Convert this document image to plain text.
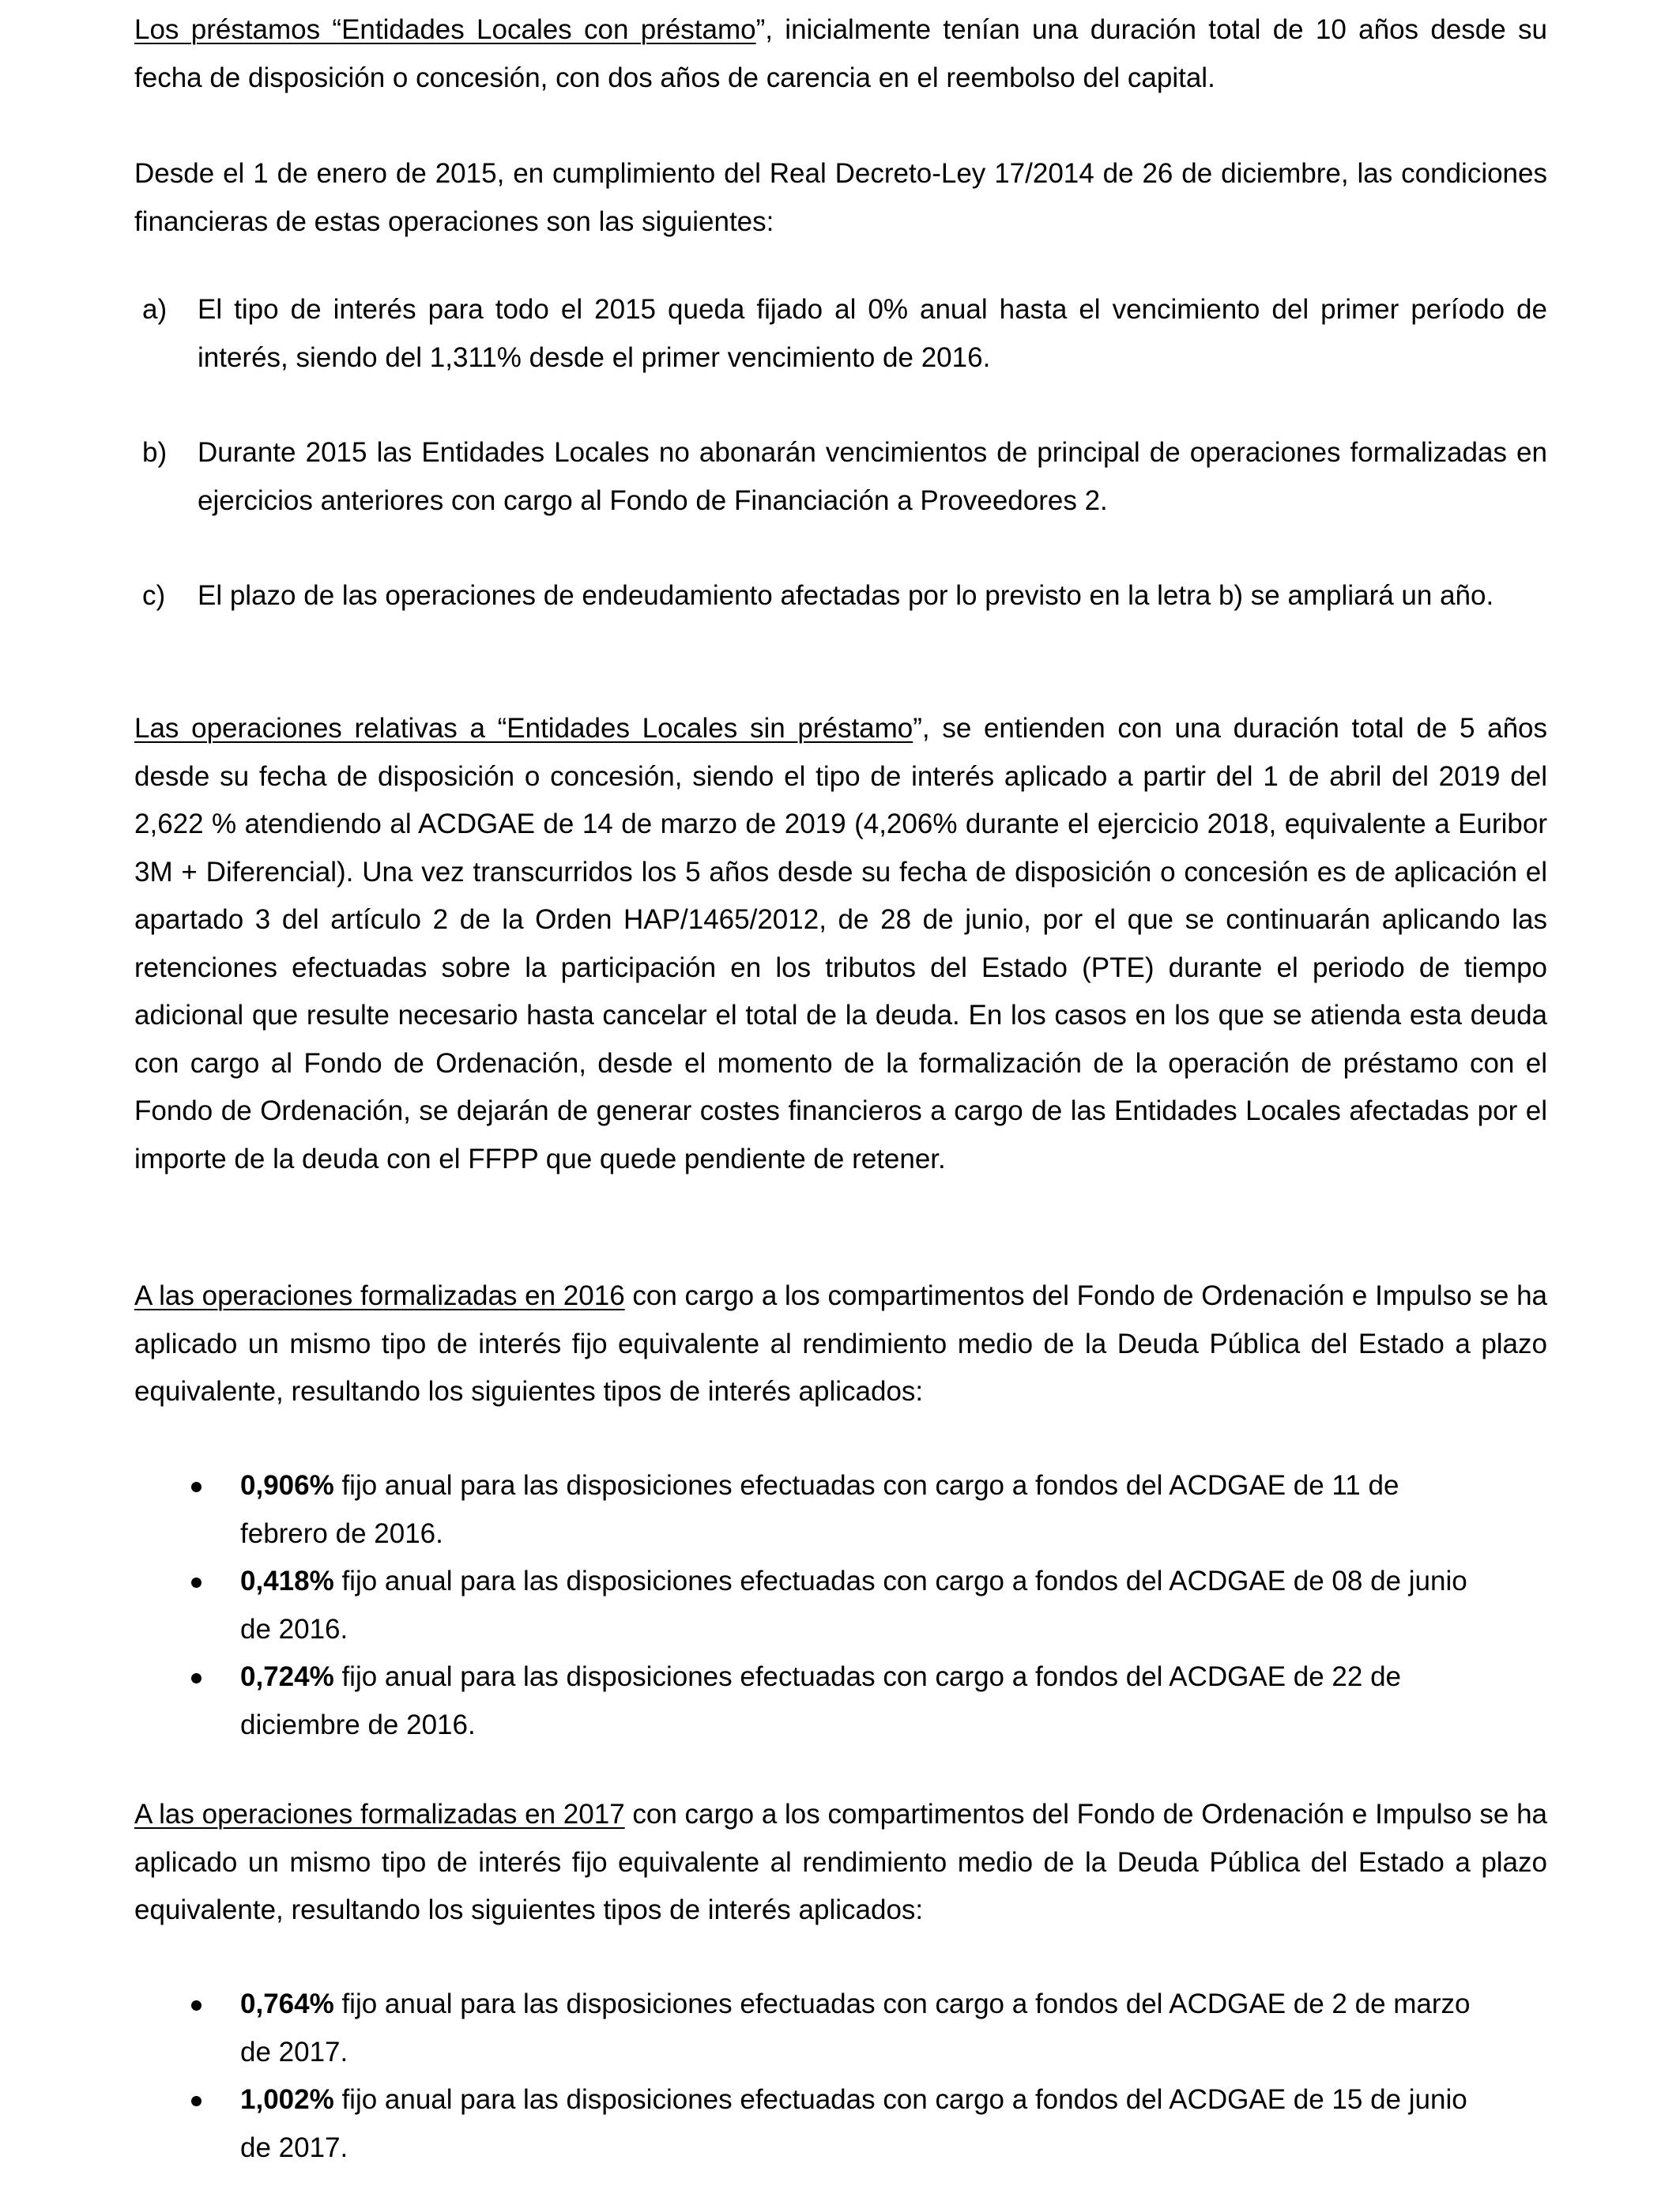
Los préstamos “Entidades Locales con préstamo”, inicialmente tenían una duración total de 10 años desde su fecha de disposición o concesión, con dos años de carencia en el reembolso del capital.

Desde el 1 de enero de 2015, en cumplimiento del Real Decreto-Ley 17/2014 de 26 de diciembre, las condiciones financieras de estas operaciones son las siguientes:

a) El tipo de interés para todo el 2015 queda fijado al 0% anual hasta el vencimiento del primer período de interés, siendo del 1,311% desde el primer vencimiento de 2016.
b) Durante 2015 las Entidades Locales no abonarán vencimientos de principal de operaciones formalizadas en ejercicios anteriores con cargo al Fondo de Financiación a Proveedores 2.
c) El plazo de las operaciones de endeudamiento afectadas por lo previsto en la letra b) se ampliará un año.

Las operaciones relativas a “Entidades Locales sin préstamo”, se entienden con una duración total de 5 años desde su fecha de disposición o concesión, siendo el tipo de interés aplicado a partir del 1 de abril del 2019 del 2,622 % atendiendo al ACDGAE de 14 de marzo de 2019 (4,206% durante el ejercicio 2018, equivalente a Euribor 3M + Diferencial). Una vez transcurridos los 5 años desde su fecha de disposición o concesión es de aplicación el apartado 3 del artículo 2 de la Orden HAP/1465/2012, de 28 de junio, por el que se continuarán aplicando las retenciones efectuadas sobre la participación en los tributos del Estado (PTE) durante el periodo de tiempo adicional que resulte necesario hasta cancelar el total de la deuda. En los casos en los que se atienda esta deuda con cargo al Fondo de Ordenación, desde el momento de la formalización de la operación de préstamo con el Fondo de Ordenación, se dejarán de generar costes financieros a cargo de las Entidades Locales afectadas por el importe de la deuda con el FFPP que quede pendiente de retener.

A las operaciones formalizadas en 2016 con cargo a los compartimentos del Fondo de Ordenación e Impulso se ha aplicado un mismo tipo de interés fijo equivalente al rendimiento medio de la Deuda Pública del Estado a plazo equivalente, resultando los siguientes tipos de interés aplicados:

0,906% fijo anual para las disposiciones efectuadas con cargo a fondos del ACDGAE de 11 de febrero de 2016.
0,418% fijo anual para las disposiciones efectuadas con cargo a fondos del ACDGAE de 08 de junio de 2016.
0,724% fijo anual para las disposiciones efectuadas con cargo a fondos del ACDGAE de 22 de diciembre de 2016.

A las operaciones formalizadas en 2017 con cargo a los compartimentos del Fondo de Ordenación e Impulso se ha aplicado un mismo tipo de interés fijo equivalente al rendimiento medio de la Deuda Pública del Estado a plazo equivalente, resultando los siguientes tipos de interés aplicados:

0,764% fijo anual para las disposiciones efectuadas con cargo a fondos del ACDGAE de 2 de marzo de 2017.
1,002% fijo anual para las disposiciones efectuadas con cargo a fondos del ACDGAE de 15 de junio de 2017.
